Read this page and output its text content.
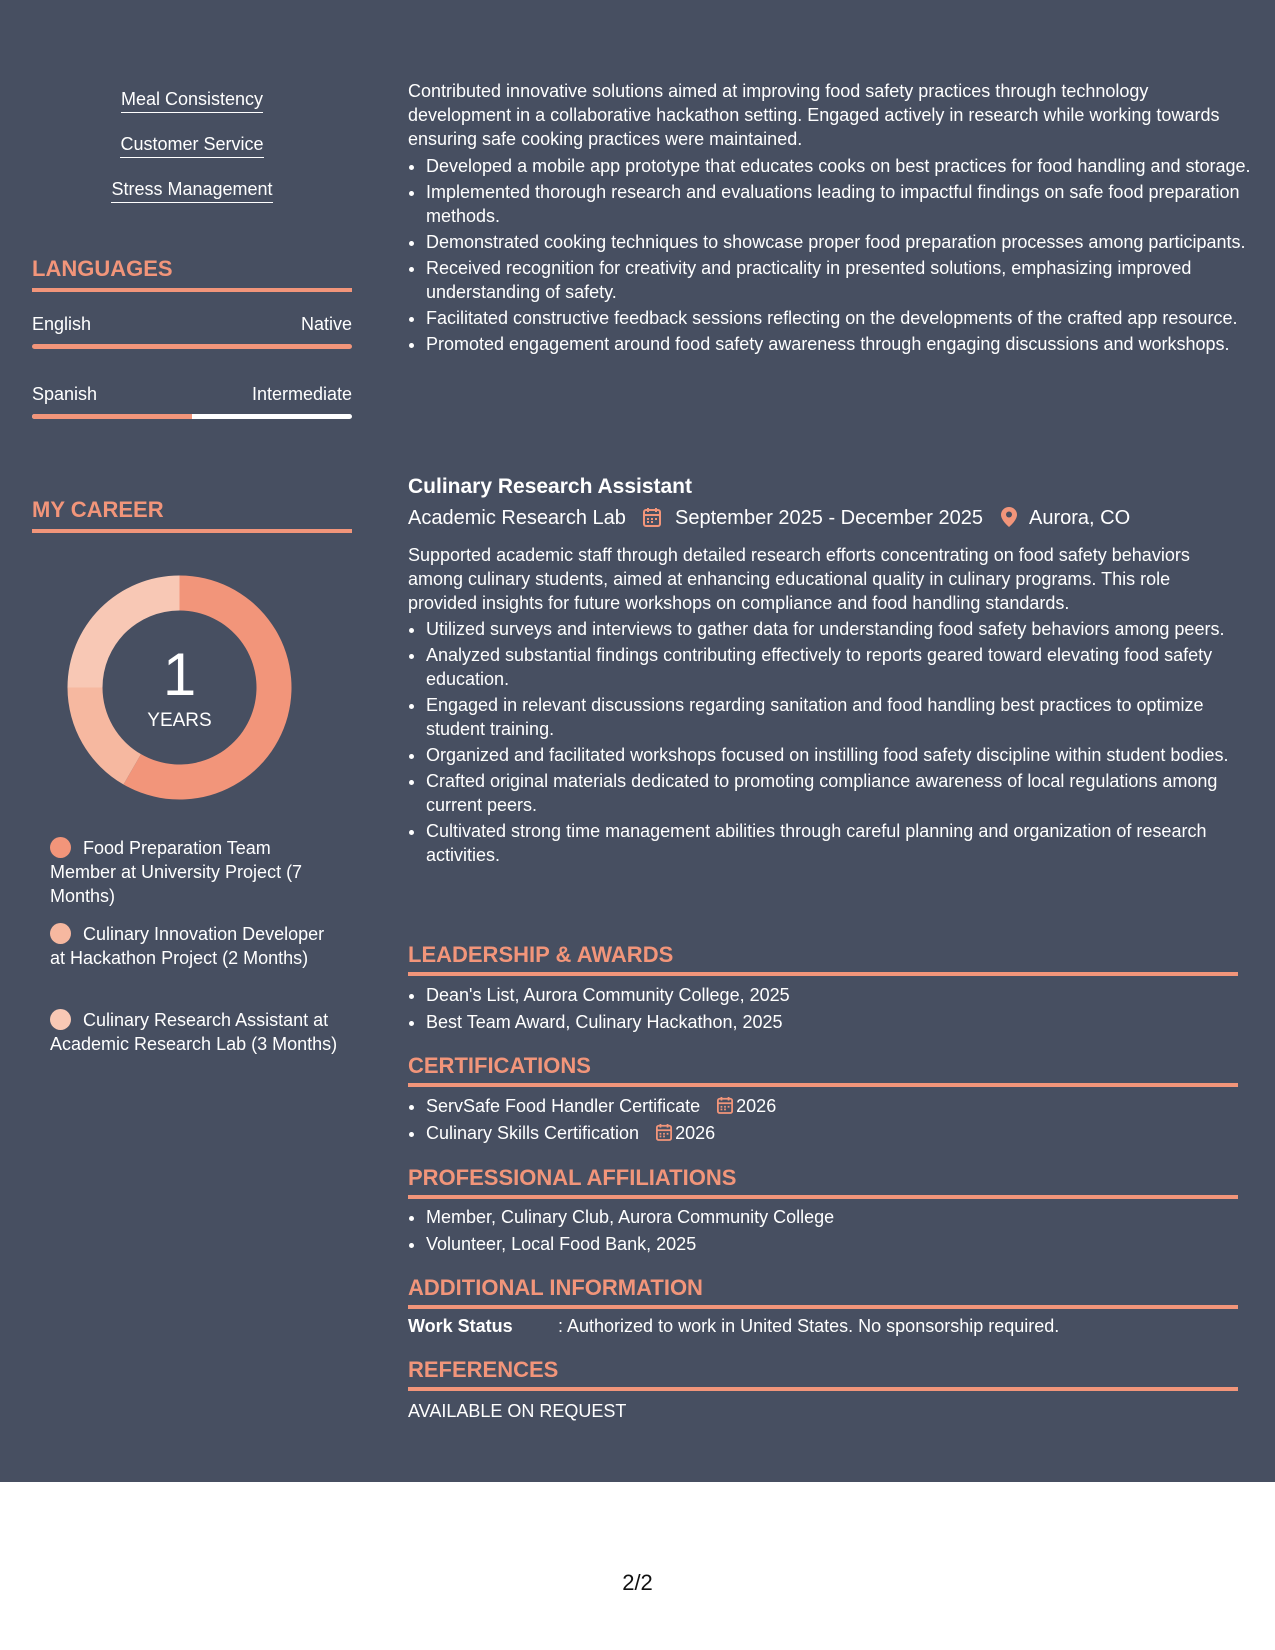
Meal Consistency
Customer Service
Stress Management
LANGUAGES
English	Native
Spanish	Intermediate
MY CAREER
1
YEARS
Food Preparation Team Member at University Project (7 Months)
Culinary Innovation Developer at Hackathon Project (2 Months)
Culinary Research Assistant at Academic Research Lab (3 Months)
Contributed innovative solutions aimed at improving food safety practices through technology development in a collaborative hackathon setting. Engaged actively in research while working towards ensuring safe cooking practices were maintained.
• Developed a mobile app prototype that educates cooks on best practices for food handling and storage.
• Implemented thorough research and evaluations leading to impactful findings on safe food preparation methods.
• Demonstrated cooking techniques to showcase proper food preparation processes among participants.
• Received recognition for creativity and practicality in presented solutions, emphasizing improved understanding of safety.
• Facilitated constructive feedback sessions reflecting on the developments of the crafted app resource.
• Promoted engagement around food safety awareness through engaging discussions and workshops.
Culinary Research Assistant
Academic Research Lab September 2025 - December 2025 Aurora, CO
Supported academic staff through detailed research efforts concentrating on food safety behaviors among culinary students, aimed at enhancing educational quality in culinary programs. This role provided insights for future workshops on compliance and food handling standards.
• Utilized surveys and interviews to gather data for understanding food safety behaviors among peers.
• Analyzed substantial findings contributing effectively to reports geared toward elevating food safety education.
• Engaged in relevant discussions regarding sanitation and food handling best practices to optimize student training.
• Organized and facilitated workshops focused on instilling food safety discipline within student bodies.
• Crafted original materials dedicated to promoting compliance awareness of local regulations among current peers.
• Cultivated strong time management abilities through careful planning and organization of research activities.
LEADERSHIP & AWARDS
• Dean's List, Aurora Community College, 2025
• Best Team Award, Culinary Hackathon, 2025
CERTIFICATIONS
• ServSafe Food Handler Certificate 2026
• Culinary Skills Certification 2026
PROFESSIONAL AFFILIATIONS
• Member, Culinary Club, Aurora Community College
• Volunteer, Local Food Bank, 2025
ADDITIONAL INFORMATION
Work Status	: Authorized to work in United States. No sponsorship required.
REFERENCES
AVAILABLE ON REQUEST
2/2
